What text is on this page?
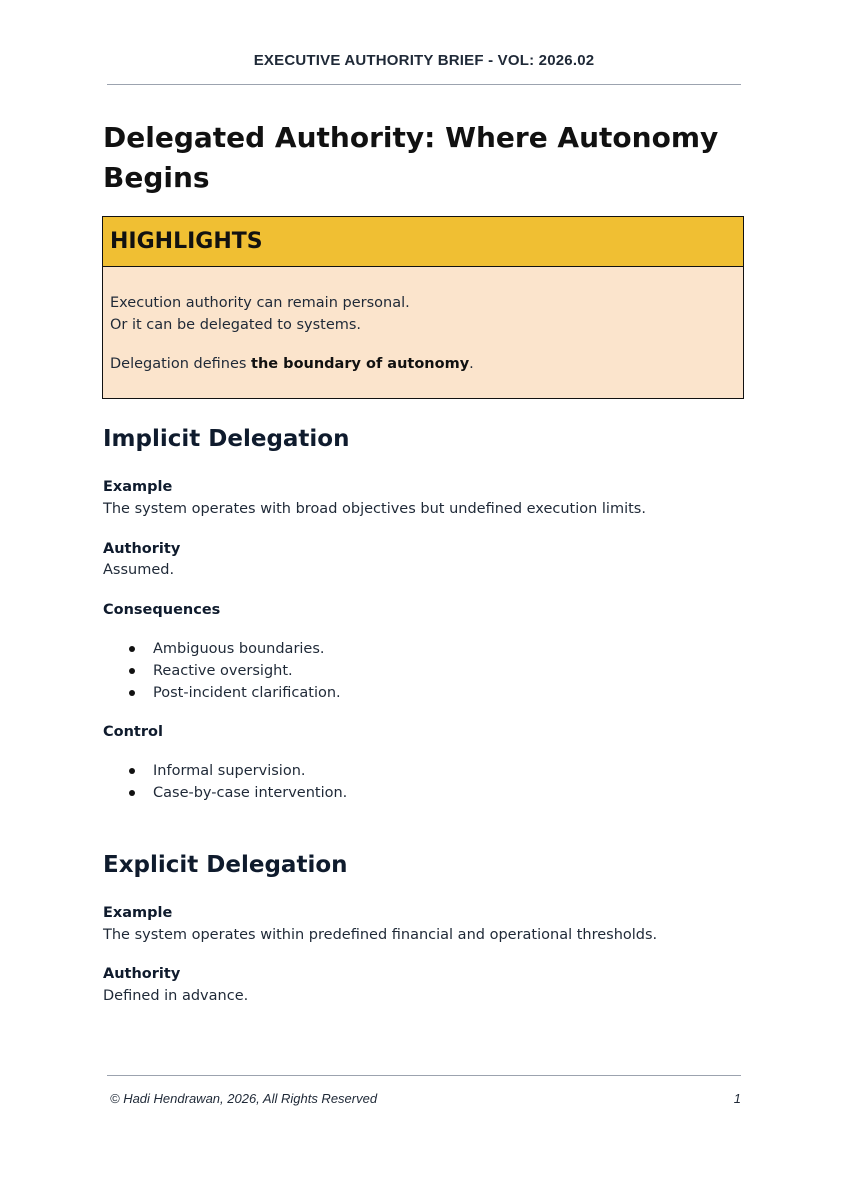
EXECUTIVE AUTHORITY BRIEF - VOL: 2026.02
Delegated Authority: Where Autonomy Begins
HIGHLIGHTS

Execution authority can remain personal.

Or it can be delegated to systems.

Delegation defines the boundary of autonomy.

Implicit Delegation
Example
The system operates with broad objectives but undefined execution limits.
Authority
Assumed.
Consequences
Ambiguous boundaries.
Reactive oversight.
Post-incident clarification.
Control
Informal supervision.
Case-by-case intervention.
Explicit Delegation
Example
The system operates within predefined financial and operational thresholds.
Authority
Defined in advance.
© Hadi Hendrawan, 2026, All Rights Reserved	1
